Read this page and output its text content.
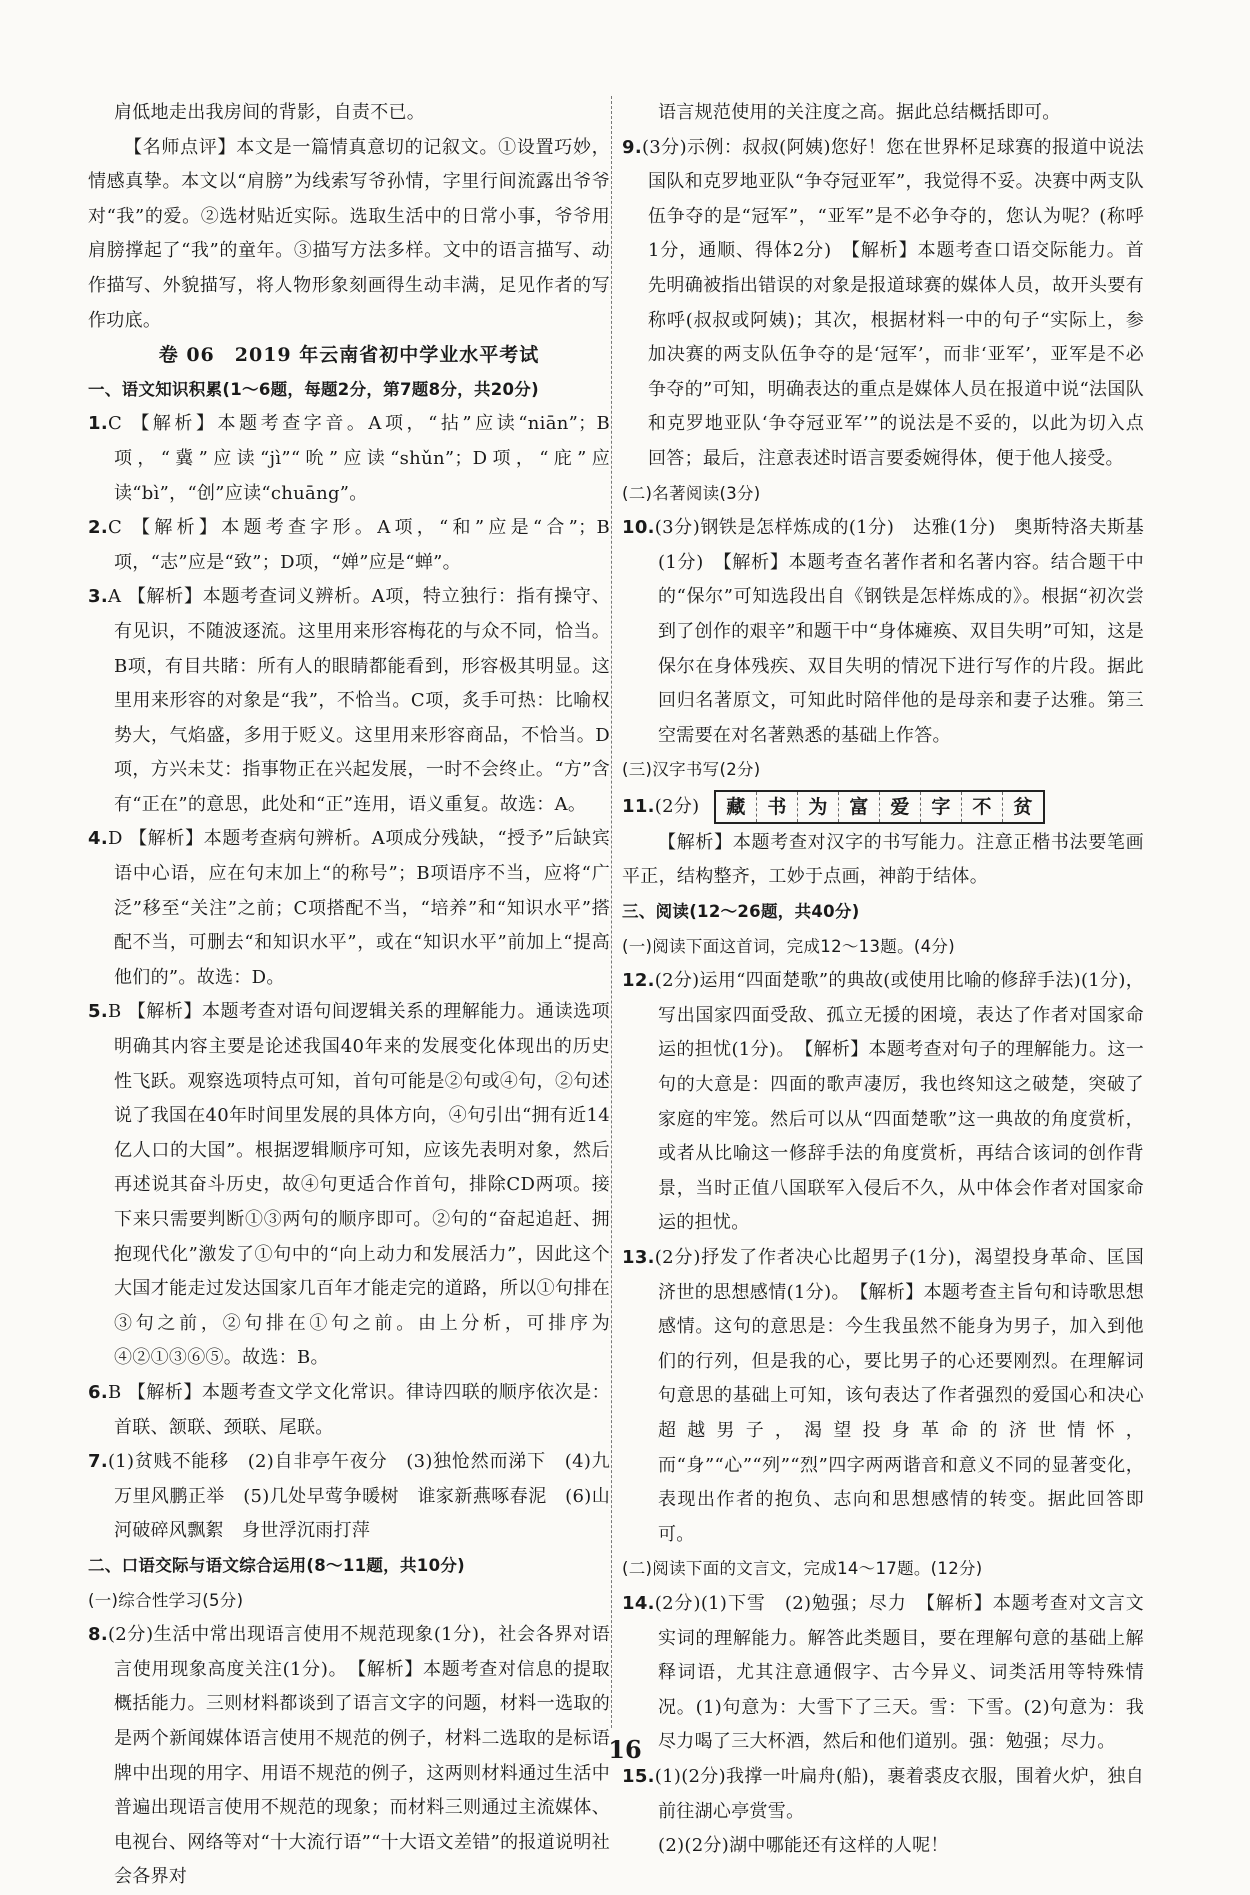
肩低地走出我房间的背影，自责不已。

【名师点评】本文是一篇情真意切的记叙文。①设置巧妙，情感真挚。本文以“肩膀”为线索写爷孙情，字里行间流露出爷爷对“我”的爱。②选材贴近实际。选取生活中的日常小事，爷爷用肩膀撑起了“我”的童年。③描写方法多样。文中的语言描写、动作描写、外貌描写，将人物形象刻画得生动丰满，足见作者的写作功底。

卷 06　2019 年云南省初中学业水平考试

一、语文知识积累(1～6题，每题2分，第7题8分，共20分)

1.C 【解析】本题考查字音。A项，“拈”应读“niān”；B项，“冀”应读“jì”“吮”应读“shǔn”；D项，“庇”应读“bì”，“创”应读“chuāng”。

2.C 【解析】本题考查字形。A项，“和”应是“合”；B项，“志”应是“致”；D项，“婵”应是“蝉”。

3.A 【解析】本题考查词义辨析。A项，特立独行：指有操守、有见识，不随波逐流。这里用来形容梅花的与众不同，恰当。B项，有目共睹：所有人的眼睛都能看到，形容极其明显。这里用来形容的对象是“我”，不恰当。C项，炙手可热：比喻权势大，气焰盛，多用于贬义。这里用来形容商品，不恰当。D项，方兴未艾：指事物正在兴起发展，一时不会终止。“方”含有“正在”的意思，此处和“正”连用，语义重复。故选：A。

4.D 【解析】本题考查病句辨析。A项成分残缺，“授予”后缺宾语中心语，应在句末加上“的称号”；B项语序不当，应将“广泛”移至“关注”之前；C项搭配不当，“培养”和“知识水平”搭配不当，可删去“和知识水平”，或在“知识水平”前加上“提高他们的”。故选：D。

5.B 【解析】本题考查对语句间逻辑关系的理解能力。通读选项明确其内容主要是论述我国40年来的发展变化体现出的历史性飞跃。观察选项特点可知，首句可能是②句或④句，②句述说了我国在40年时间里发展的具体方向，④句引出“拥有近14亿人口的大国”。根据逻辑顺序可知，应该先表明对象，然后再述说其奋斗历史，故④句更适合作首句，排除CD两项。接下来只需要判断①③两句的顺序即可。②句的“奋起追赶、拥抱现代化”激发了①句中的“向上动力和发展活力”，因此这个大国才能走过发达国家几百年才能走完的道路，所以①句排在③句之前，②句排在①句之前。由上分析，可排序为④②①③⑥⑤。故选：B。

6.B 【解析】本题考查文学文化常识。律诗四联的顺序依次是：首联、颔联、颈联、尾联。

7.(1)贫贱不能移　(2)自非亭午夜分　(3)独怆然而涕下　(4)九万里风鹏正举　(5)几处早莺争暖树　谁家新燕啄春泥　(6)山河破碎风飘絮　身世浮沉雨打萍

二、口语交际与语文综合运用(8～11题，共10分)

(一)综合性学习(5分)

8.(2分)生活中常出现语言使用不规范现象(1分)，社会各界对语言使用现象高度关注(1分)。　【解析】本题考查对信息的提取概括能力。三则材料都谈到了语言文字的问题，材料一选取的是两个新闻媒体语言使用不规范的例子，材料二选取的是标语牌中出现的用字、用语不规范的例子，这两则材料通过生活中普遍出现语言使用不规范的现象；而材料三则通过主流媒体、电视台、网络等对“十大流行语”“十大语文差错”的报道说明社会各界对

语言规范使用的关注度之高。据此总结概括即可。

9.(3分)示例：叔叔(阿姨)您好！您在世界杯足球赛的报道中说法国队和克罗地亚队“争夺冠亚军”，我觉得不妥。决赛中两支队伍争夺的是“冠军”，“亚军”是不必争夺的，您认为呢？(称呼1分，通顺、得体2分)　【解析】本题考查口语交际能力。首先明确被指出错误的对象是报道球赛的媒体人员，故开头要有称呼(叔叔或阿姨)；其次，根据材料一中的句子“实际上，参加决赛的两支队伍争夺的是‘冠军’，而非‘亚军’，亚军是不必争夺的”可知，明确表达的重点是媒体人员在报道中说“法国队和克罗地亚队‘争夺冠亚军’”的说法是不妥的，以此为切入点回答；最后，注意表述时语言要委婉得体，便于他人接受。

(二)名著阅读(3分)

10.(3分)钢铁是怎样炼成的(1分)　达雅(1分)　奥斯特洛夫斯基(1分)　【解析】本题考查名著作者和名著内容。结合题干中的“保尔”可知选段出自《钢铁是怎样炼成的》。根据“初次尝到了创作的艰辛”和题干中“身体瘫痪、双目失明”可知，这是保尔在身体残疾、双目失明的情况下进行写作的片段。据此回归名著原文，可知此时陪伴他的是母亲和妻子达雅。第三空需要在对名著熟悉的基础上作答。

(三)汉字书写(2分)

11.(2分)	藏	书	为	富	爱	字	不	贫

【解析】本题考查对汉字的书写能力。注意正楷书法要笔画平正，结构整齐，工妙于点画，神韵于结体。

三、阅读(12～26题，共40分)

(一)阅读下面这首词，完成12～13题。(4分)

12.(2分)运用“四面楚歌”的典故(或使用比喻的修辞手法)(1分)，写出国家四面受敌、孤立无援的困境，表达了作者对国家命运的担忧(1分)。　【解析】本题考查对句子的理解能力。这一句的大意是：四面的歌声凄厉，我也终知这之破楚，突破了家庭的牢笼。然后可以从“四面楚歌”这一典故的角度赏析，或者从比喻这一修辞手法的角度赏析，再结合该词的创作背景，当时正值八国联军入侵后不久，从中体会作者对国家命运的担忧。

13.(2分)抒发了作者决心比超男子(1分)，渴望投身革命、匡国济世的思想感情(1分)。　【解析】本题考查主旨句和诗歌思想感情。这句的意思是：今生我虽然不能身为男子，加入到他们的行列，但是我的心，要比男子的心还要刚烈。在理解词句意思的基础上可知，该句表达了作者强烈的爱国心和决心超越男子，渴望投身革命的济世情怀，而“身”“心”“列”“烈”四字两两谐音和意义不同的显著变化，表现出作者的抱负、志向和思想感情的转变。据此回答即可。

(二)阅读下面的文言文，完成14～17题。(12分)

14.(2分)(1)下雪　(2)勉强；尽力　【解析】本题考查对文言文实词的理解能力。解答此类题目，要在理解句意的基础上解释词语，尤其注意通假字、古今异义、词类活用等特殊情况。(1)句意为：大雪下了三天。雪：下雪。(2)句意为：我尽力喝了三大杯酒，然后和他们道别。强：勉强；尽力。

15.(1)(2分)我撑一叶扁舟(船)，裹着裘皮衣服，围着火炉，独自前往湖心亭赏雪。

(2)(2分)湖中哪能还有这样的人呢！

16
